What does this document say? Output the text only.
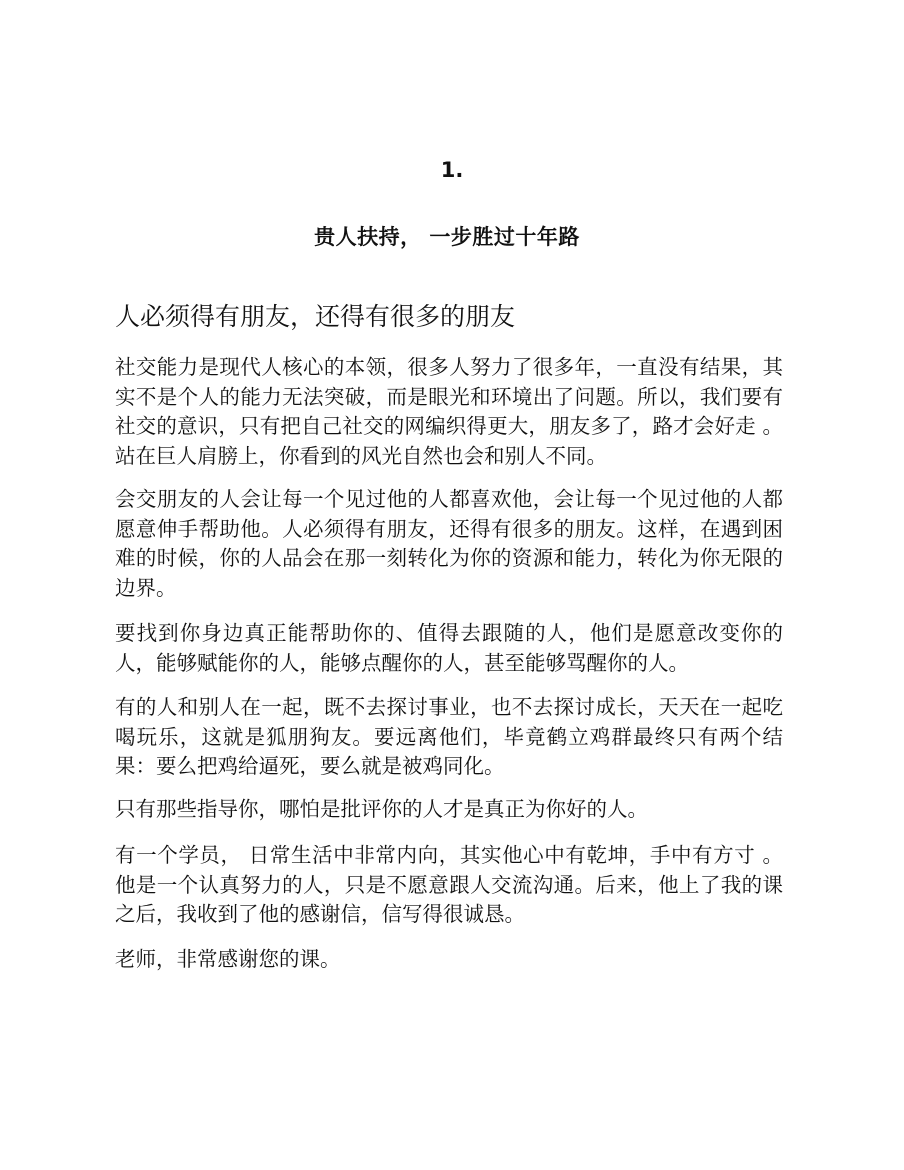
1.
贵人扶持， 一步胜过十年路
人必须得有朋友，还得有很多的朋友

社交能力是现代人核心的本领，很多人努力了很多年，一直没有结果，其实不是个人的能力无法突破，而是眼光和环境出了问题。所以，我们要有社交的意识，只有把自己社交的网编织得更大，朋友多了，路才会好走 。站在巨人肩膀上，你看到的风光自然也会和别人不同。

会交朋友的人会让每一个见过他的人都喜欢他，会让每一个见过他的人都愿意伸手帮助他。人必须得有朋友，还得有很多的朋友。这样，在遇到困难的时候，你的人品会在那一刻转化为你的资源和能力，转化为你无限的边界。

要找到你身边真正能帮助你的、值得去跟随的人，他们是愿意改变你的人，能够赋能你的人，能够点醒你的人，甚至能够骂醒你的人。

有的人和别人在一起，既不去探讨事业，也不去探讨成长，天天在一起吃喝玩乐，这就是狐朋狗友。要远离他们，毕竟鹤立鸡群最终只有两个结果：要么把鸡给逼死，要么就是被鸡同化。

只有那些指导你，哪怕是批评你的人才是真正为你好的人。

有一个学员， 日常生活中非常内向，其实他心中有乾坤，手中有方寸 。他是一个认真努力的人，只是不愿意跟人交流沟通。后来，他上了我的课之后，我收到了他的感谢信，信写得很诚恳。

老师，非常感谢您的课。
